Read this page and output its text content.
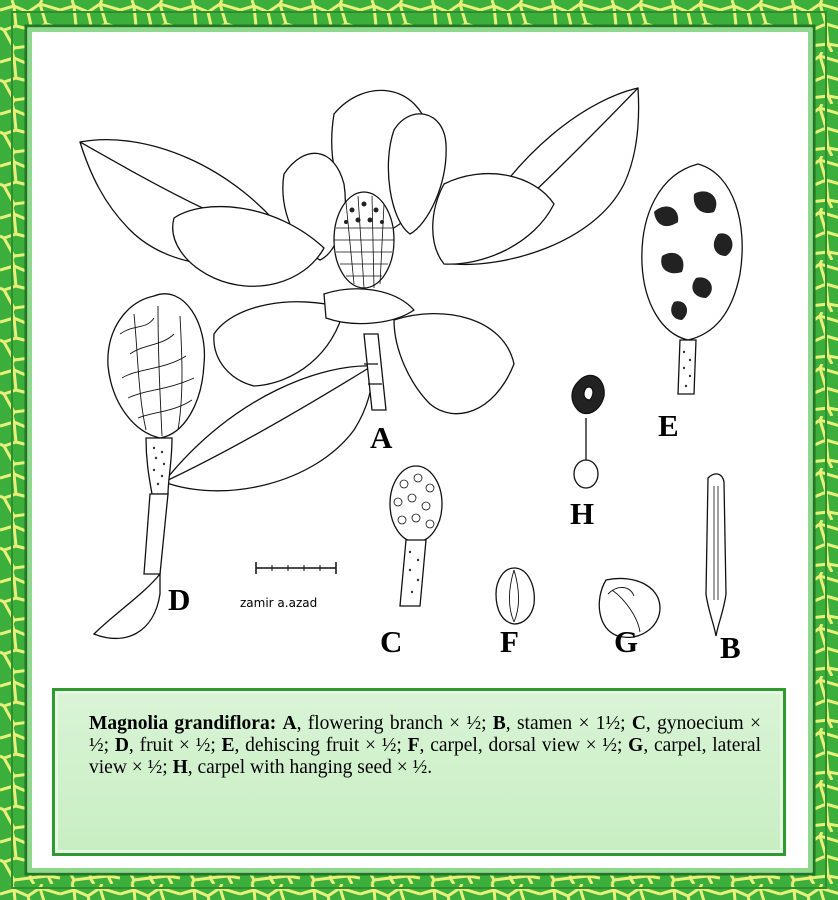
A
B
C
D
E
F	G
H
zamir a.azad
Magnolia grandiflora: A, flowering branch × ½; B, stamen × 1½; C, gynoecium × ½; D, fruit × ½; E, dehiscing fruit × ½; F, carpel, dorsal view × ½; G, carpel, lateral view × ½; H, carpel with hanging seed × ½.
